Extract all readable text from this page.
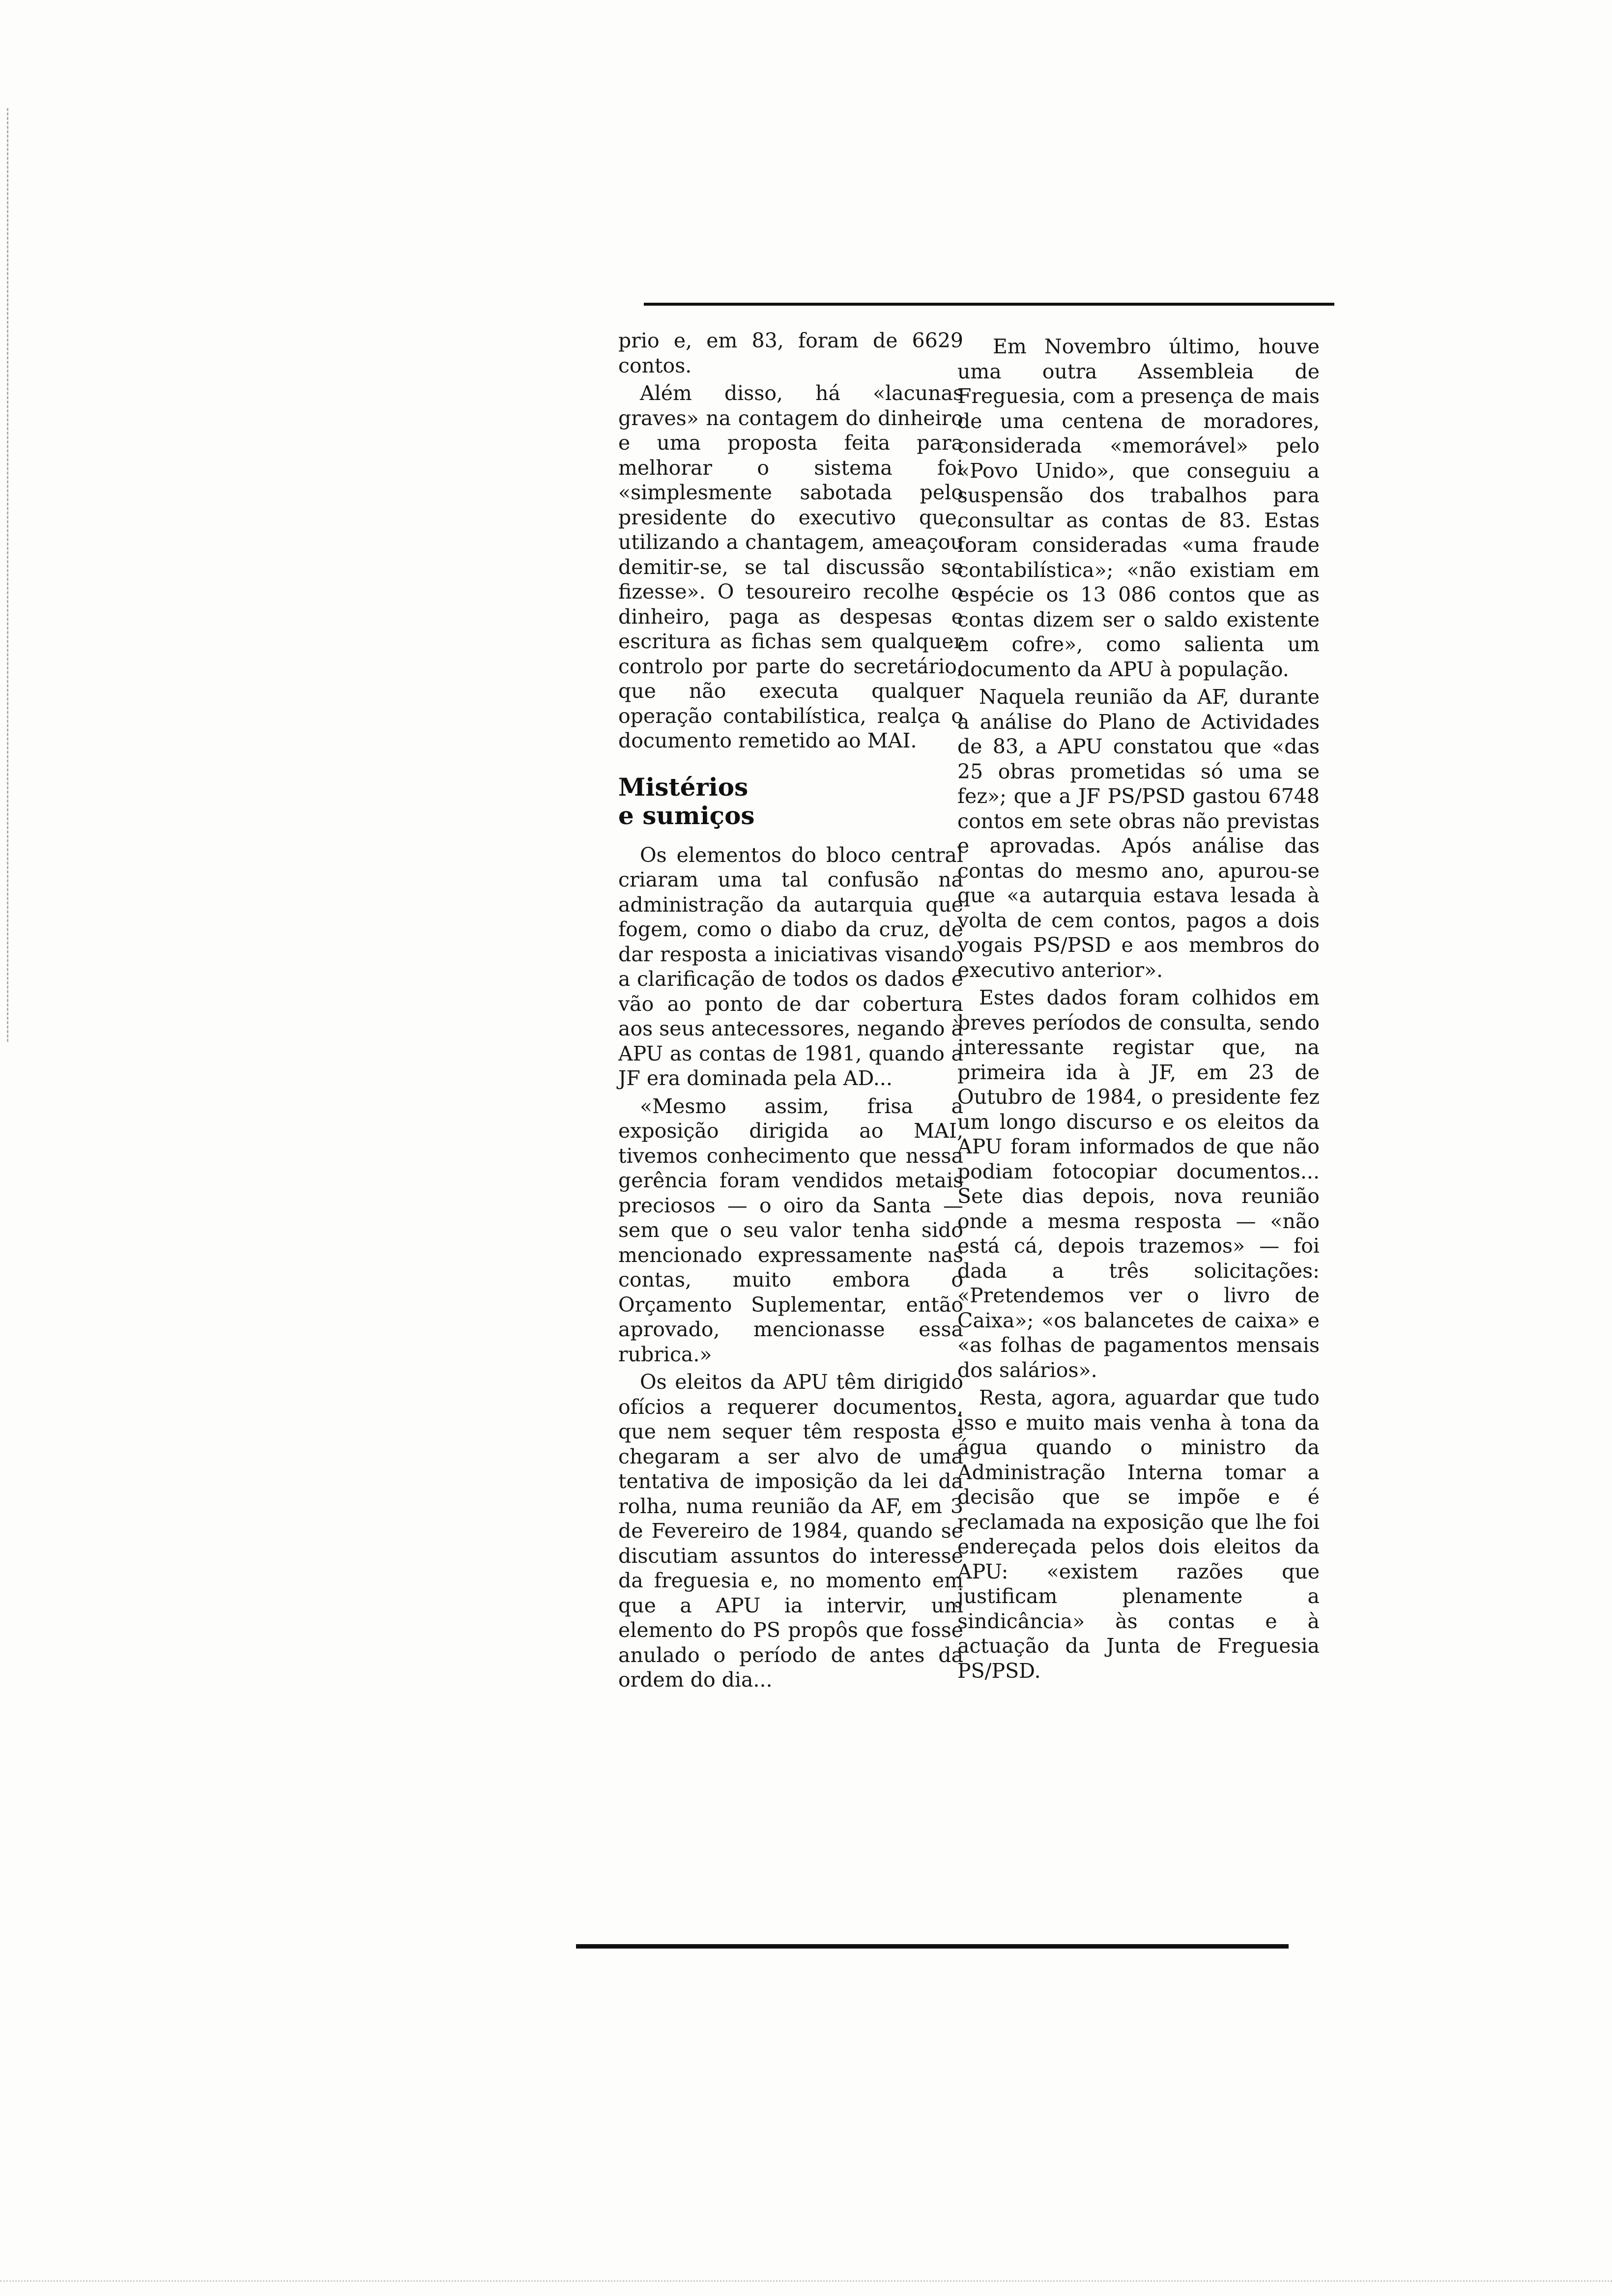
prio e, em 83, foram de 6629 contos.

Além disso, há «lacunas graves» na contagem do dinheiro e uma proposta feita para melhorar o sistema foi «simplesmente sabotada pelo presidente do executivo que, utilizando a chantagem, ameaçou demitir-se, se tal discussão se fizesse». O tesoureiro recolhe o dinheiro, paga as despesas e escritura as fichas sem qualquer controlo por parte do secretário, que não executa qualquer operação contabilística, realça o documento remetido ao MAI.

Mistérios
e sumiços

Os elementos do bloco central criaram uma tal confusão na administração da autarquia que fogem, como o diabo da cruz, de dar resposta a iniciativas visando a clarificação de todos os dados e vão ao ponto de dar cobertura aos seus antecessores, negando à APU as contas de 1981, quando a JF era dominada pela AD...

«Mesmo assim, frisa a exposição dirigida ao MAI, tivemos conhecimento que nessa gerência foram vendidos metais preciosos — o oiro da Santa — sem que o seu valor tenha sido mencionado expressamente nas contas, muito embora o Orçamento Suplementar, então aprovado, mencionasse essa rubrica.»

Os eleitos da APU têm dirigido ofícios a requerer documentos, que nem sequer têm resposta e chegaram a ser alvo de uma tentativa de imposição da lei da rolha, numa reunião da AF, em 3 de Fevereiro de 1984, quando se discutiam assuntos do interesse da freguesia e, no momento em que a APU ia intervir, um elemento do PS propôs que fosse anulado o período de antes da ordem do dia...

Em Novembro último, houve uma outra Assembleia de Freguesia, com a presença de mais de uma centena de moradores, considerada «memorável» pelo «Povo Unido», que conseguiu a suspensão dos trabalhos para consultar as contas de 83. Estas foram consideradas «uma fraude contabilística»; «não existiam em espécie os 13 086 contos que as contas dizem ser o saldo existente em cofre», como salienta um documento da APU à população.

Naquela reunião da AF, durante a análise do Plano de Actividades de 83, a APU constatou que «das 25 obras prometidas só uma se fez»; que a JF PS/PSD gastou 6748 contos em sete obras não previstas e aprovadas. Após análise das contas do mesmo ano, apurou-se que «a autarquia estava lesada à volta de cem contos, pagos a dois vogais PS/PSD e aos membros do executivo anterior».

Estes dados foram colhidos em breves períodos de consulta, sendo interessante registar que, na primeira ida à JF, em 23 de Outubro de 1984, o presidente fez um longo discurso e os eleitos da APU foram informados de que não podiam fotocopiar documentos... Sete dias depois, nova reunião onde a mesma resposta — «não está cá, depois trazemos» — foi dada a três solicitações: «Pretendemos ver o livro de Caixa»; «os balancetes de caixa» e «as folhas de pagamentos mensais dos salários».

Resta, agora, aguardar que tudo isso e muito mais venha à tona da água quando o ministro da Administração Interna tomar a decisão que se impõe e é reclamada na exposição que lhe foi endereçada pelos dois eleitos da APU: «existem razões que justificam plenamente a sindicância» às contas e à actuação da Junta de Freguesia PS/PSD.
